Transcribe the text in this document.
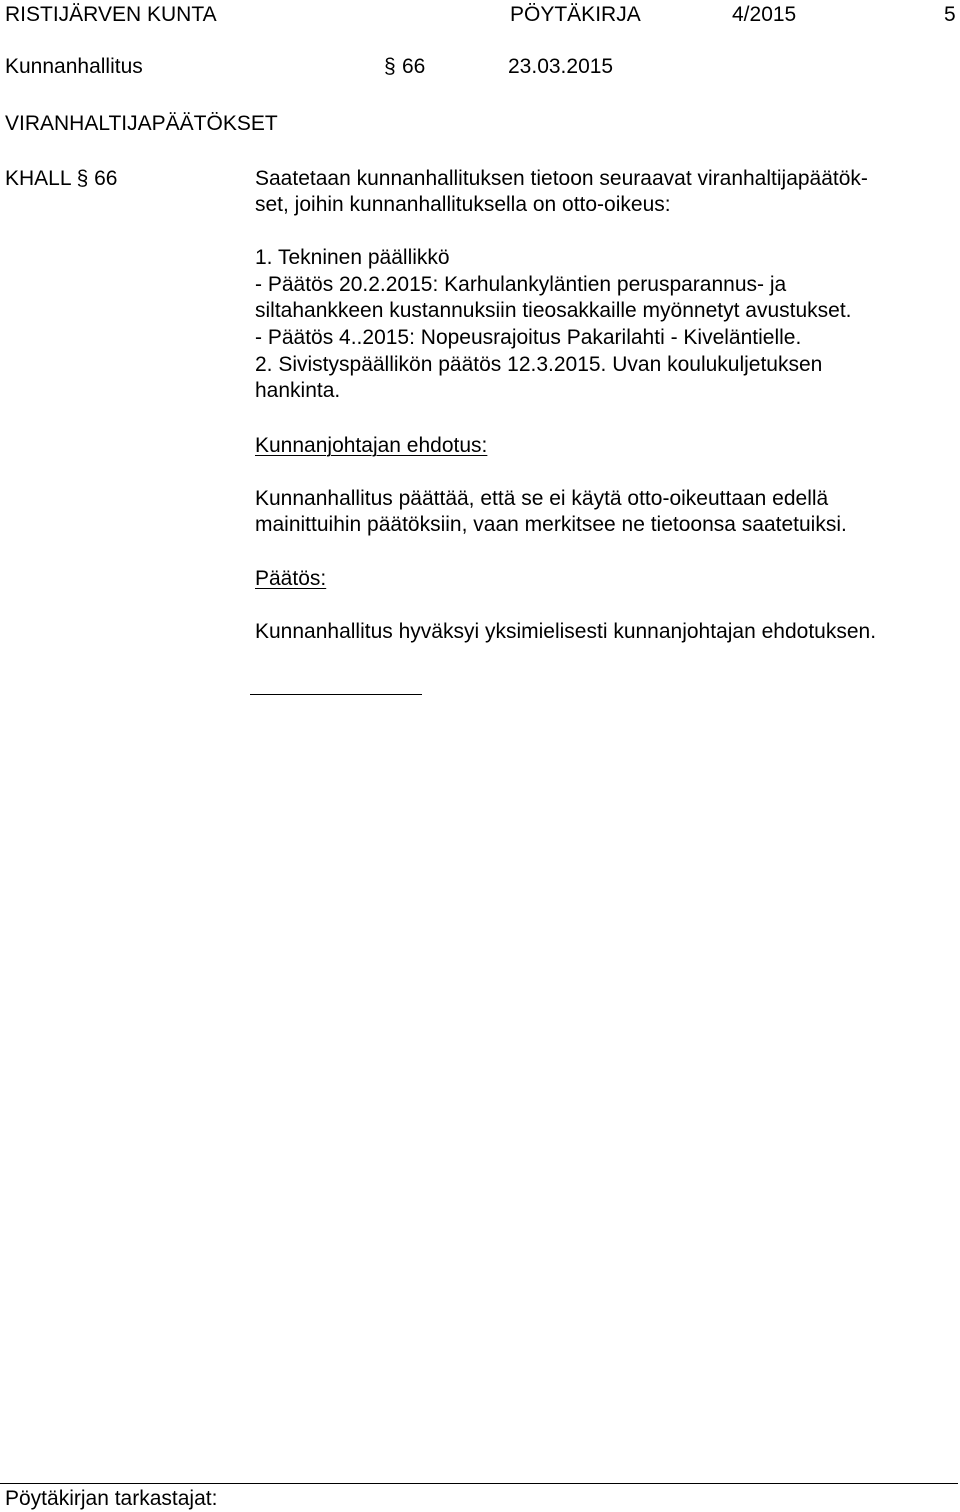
RISTIJÄRVEN KUNTA	PÖYTÄKIRJA	4/2015	5
Kunnanhallitus	§ 66	23.03.2015
VIRANHALTIJAPÄÄTÖKSET
KHALL § 66	Saatetaan kunnanhallituksen tietoon seuraavat viranhaltijapäätök-
set, joihin kunnanhallituksella on otto-oikeus:
1. Tekninen päällikkö
- Päätös 20.2.2015: Karhulankyläntien perusparannus- ja
siltahankkeen kustannuksiin tieosakkaille myönnetyt avustukset.
- Päätös 4..2015: Nopeusrajoitus Pakarilahti - Kiveläntielle.
2. Sivistyspäällikön päätös 12.3.2015. Uvan koulukuljetuksen
hankinta.
Kunnanjohtajan ehdotus:
Kunnanhallitus päättää, että se ei käytä otto-oikeuttaan edellä
mainittuihin päätöksiin, vaan merkitsee ne tietoonsa saatetuiksi.
Päätös:
Kunnanhallitus hyväksyi yksimielisesti kunnanjohtajan ehdotuksen.
Pöytäkirjan tarkastajat:
